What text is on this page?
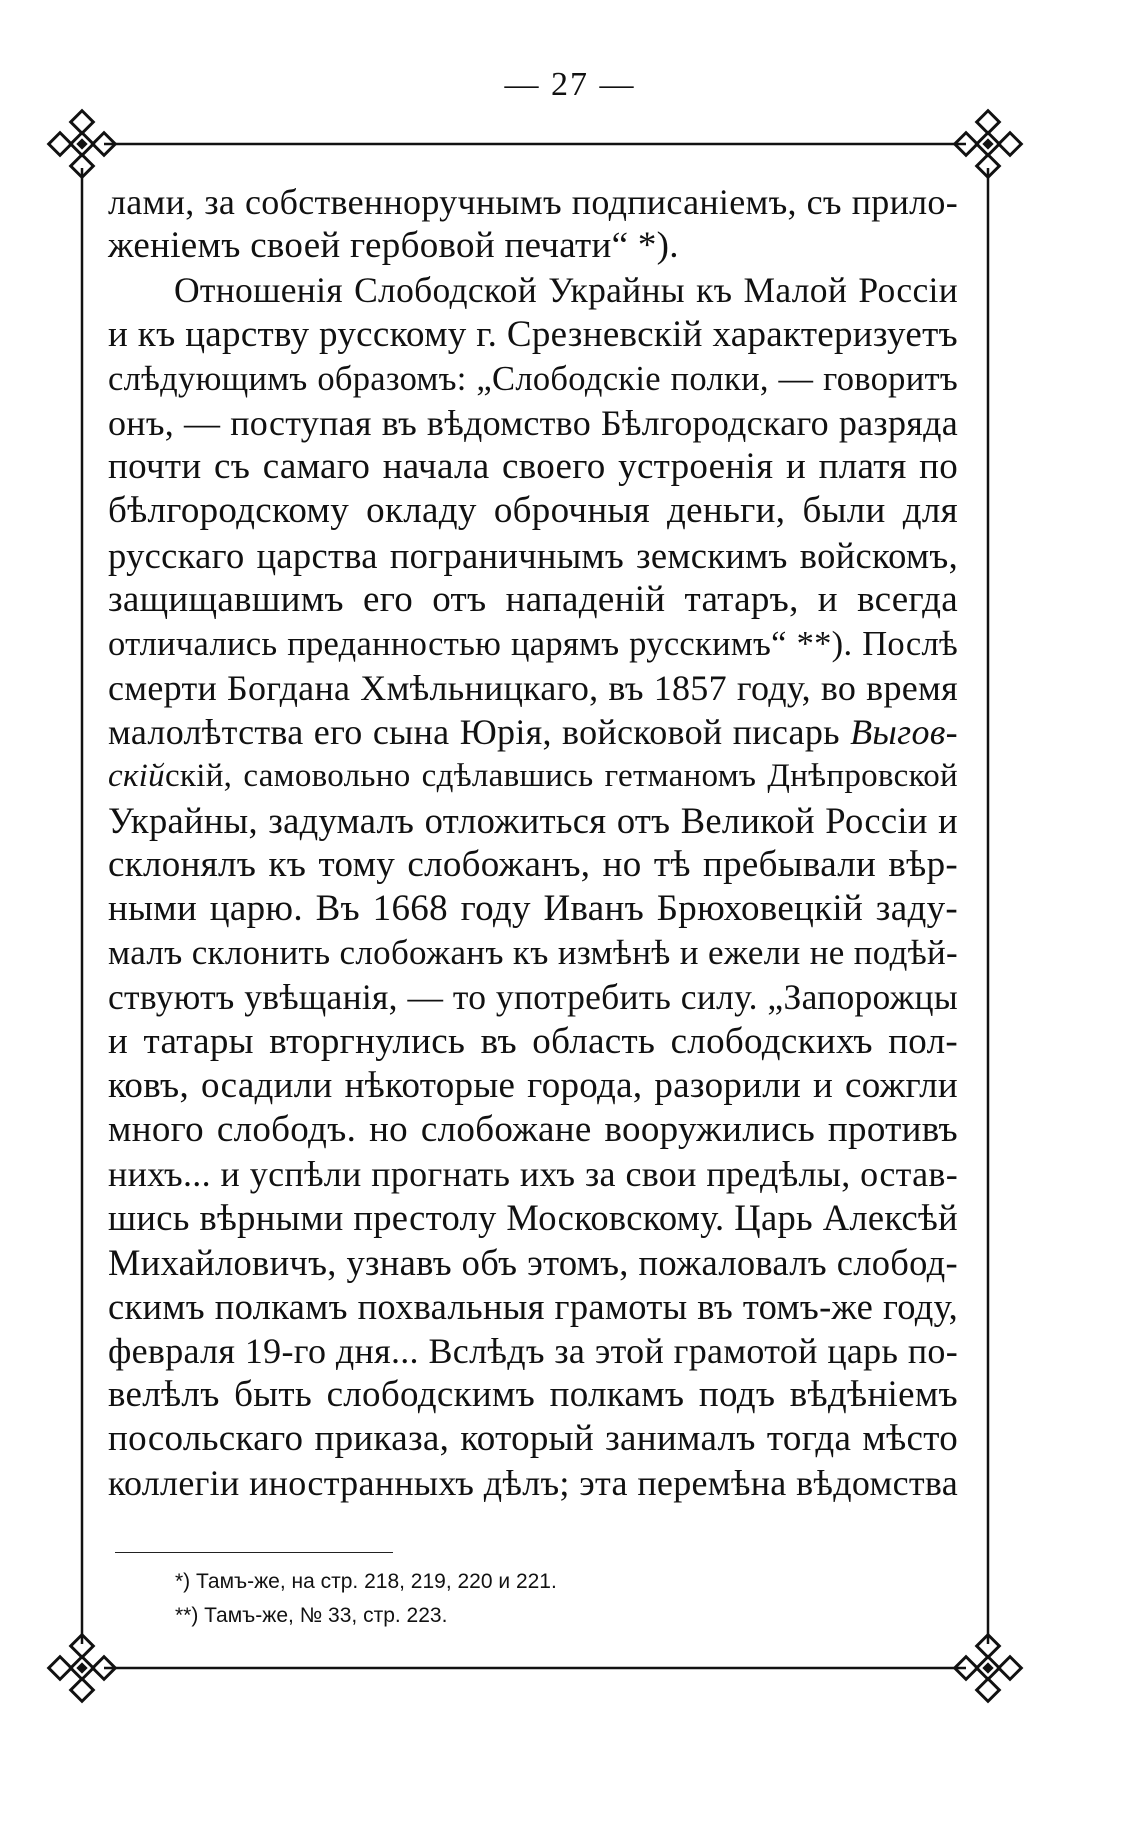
— 27 —
лами, за собственноручнымъ подписаніемъ, съ прило-
женіемъ своей гербовой печати“ *).
Отношенія Слободской Украйны къ Малой Россіи
и къ царству русскому г. Срезневскій характеризуетъ
слѣдующимъ образомъ: „Слободскіе полки, — говоритъ
онъ, — поступая въ вѣдомство Бѣлгородскаго разряда
почти съ самаго начала своего устроенія и платя по
бѣлгородскому окладу оброчныя деньги, были для
русскаго царства пограничнымъ земскимъ войскомъ,
защищавшимъ его отъ нападеній татаръ, и всегда
отличались преданностью царямъ русскимъ“ **). Послѣ
смерти Богдана Хмѣльницкаго, въ 1857 году, во время
малолѣтства его сына Юрія, войсковой писарь Выгов-
скійскій, самовольно сдѣлавшись гетманомъ Днѣпровской
Украйны, задумалъ отложиться отъ Великой Россіи и
склонялъ къ тому слобожанъ, но тѣ пребывали вѣр-
ными царю. Въ 1668 году Иванъ Брюховецкій заду-
малъ склонить слобожанъ къ измѣнѣ и ежели не подѣй-
ствуютъ увѣщанія, — то употребить силу. „Запорожцы
и татары вторгнулись въ область слободскихъ пол-
ковъ, осадили нѣкоторые города, разорили и сожгли
много слободъ. но слобожане вооружились противъ
нихъ... и успѣли прогнать ихъ за свои предѣлы, остав-
шись вѣрными престолу Московскому. Царь Алексѣй
Михайловичъ, узнавъ объ этомъ, пожаловалъ слобод-
скимъ полкамъ похвальныя грамоты въ томъ-же году,
февраля 19-го дня... Вслѣдъ за этой грамотой царь по-
велѣлъ быть слободскимъ полкамъ подъ вѣдѣніемъ
посольскаго приказа, который занималъ тогда мѣсто
коллегіи иностранныхъ дѣлъ; эта перемѣна вѣдомства
*) Тамъ-же, на стр. 218, 219, 220 и 221.
**) Тамъ-же, № 33, стр. 223.
